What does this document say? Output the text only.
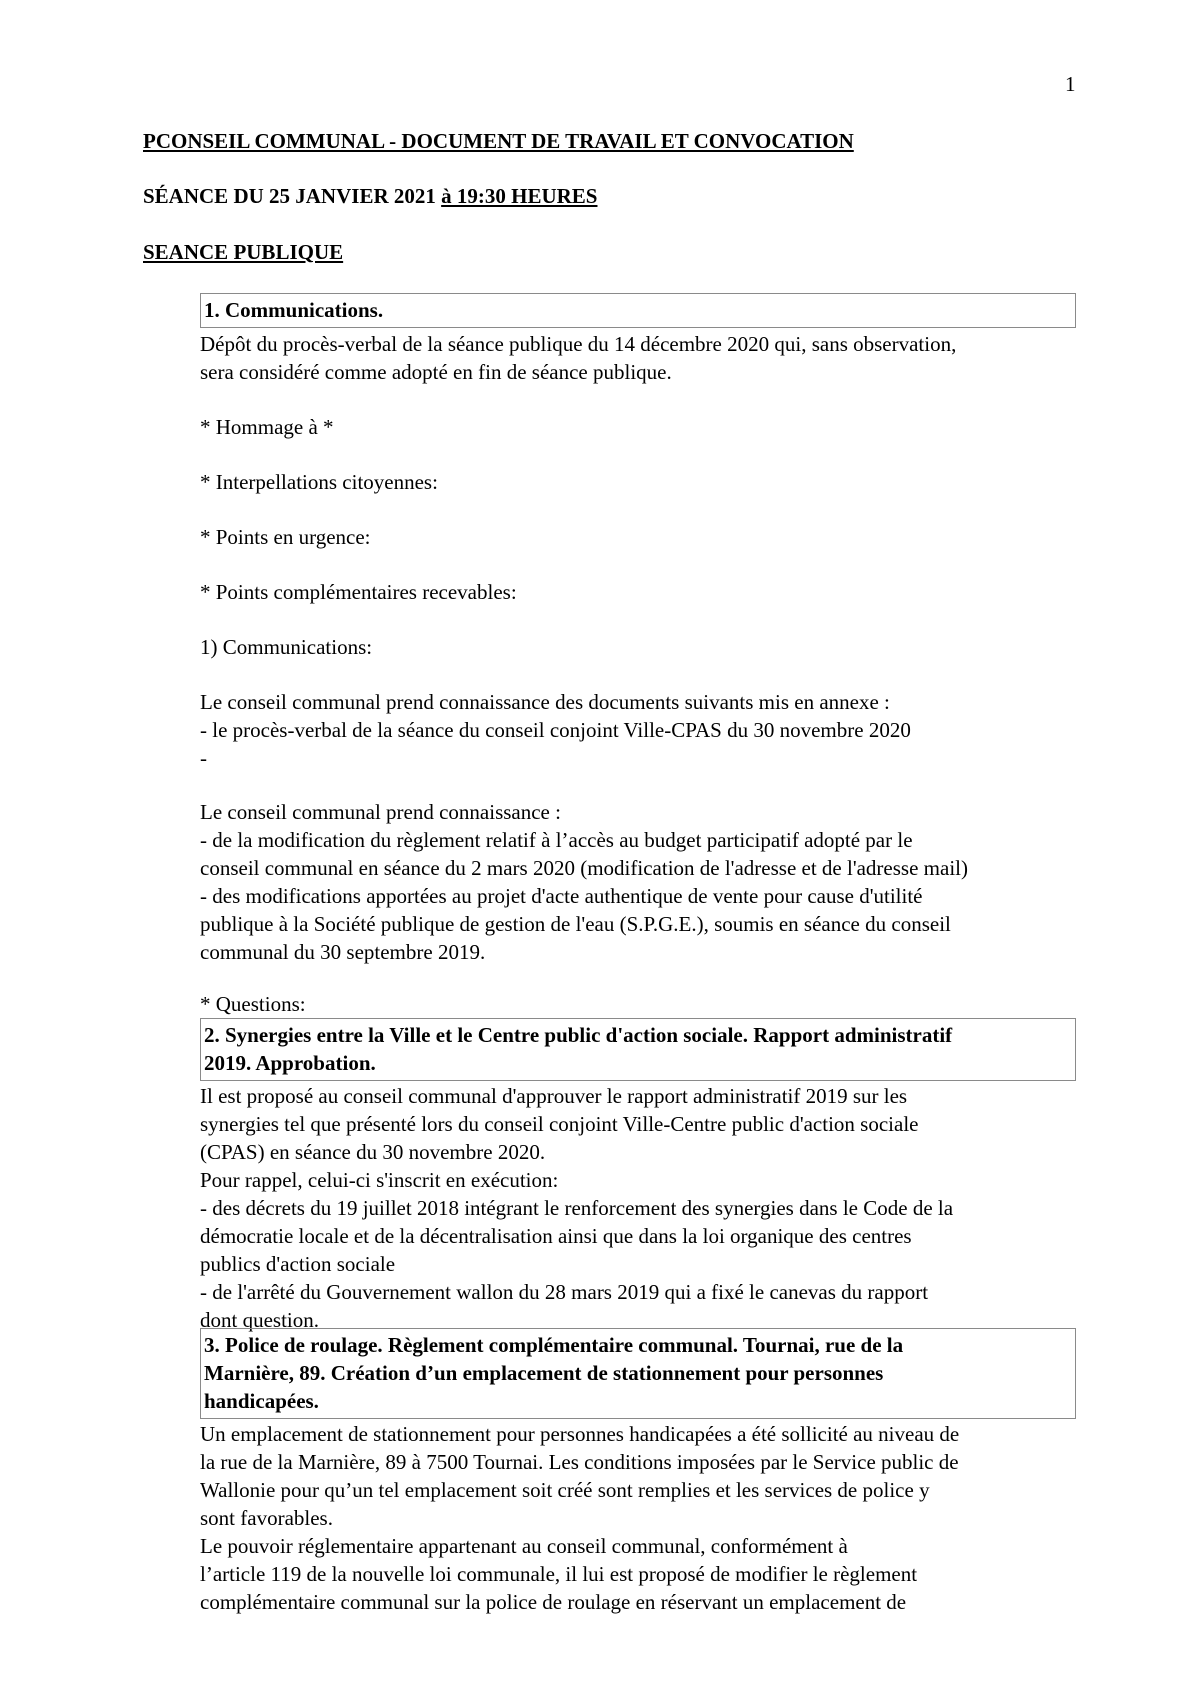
1
PCONSEIL COMMUNAL - DOCUMENT DE TRAVAIL ET CONVOCATION
SÉANCE DU 25 JANVIER 2021 à 19:30 HEURES
SEANCE PUBLIQUE
1. Communications.

Dépôt du procès-verbal de la séance publique du 14 décembre 2020 qui, sans observation,

sera considéré comme adopté en fin de séance publique.

* Hommage à *
* Interpellations citoyennes:
* Points en urgence:
* Points complémentaires recevables:
1) Communications:

Le conseil communal prend connaissance des documents suivants mis en annexe :

- le procès-verbal de la séance du conseil conjoint Ville-CPAS du 30 novembre 2020

-

Le conseil communal prend connaissance :

- de la modification du règlement relatif à l’accès au budget participatif adopté par le

conseil communal en séance du 2 mars 2020 (modification de l'adresse et de l'adresse mail)

- des modifications apportées au projet d'acte authentique de vente pour cause d'utilité

publique à la Société publique de gestion de l'eau (S.P.G.E.), soumis en séance du conseil

communal du 30 septembre 2019.

* Questions:
2. Synergies entre la Ville et le Centre public d'action sociale. Rapport administratif
2019. Approbation.

Il est proposé au conseil communal d'approuver le rapport administratif 2019 sur les

synergies tel que présenté lors du conseil conjoint Ville-Centre public d'action sociale

(CPAS) en séance du 30 novembre 2020.

Pour rappel, celui-ci s'inscrit en exécution:

- des décrets du 19 juillet 2018 intégrant le renforcement des synergies dans le Code de la

démocratie locale et de la décentralisation ainsi que dans la loi organique des centres

publics d'action sociale

- de l'arrêté du Gouvernement wallon du 28 mars 2019 qui a fixé le canevas du rapport

dont question.

3. Police de roulage. Règlement complémentaire communal. Tournai, rue de la
Marnière, 89. Création d’un emplacement de stationnement pour personnes
handicapées.

Un emplacement de stationnement pour personnes handicapées a été sollicité au niveau de

la rue de la Marnière, 89 à 7500 Tournai. Les conditions imposées par le Service public de

Wallonie pour qu’un tel emplacement soit créé sont remplies et les services de police y

sont favorables.

Le pouvoir réglementaire appartenant au conseil communal, conformément à

l’article 119 de la nouvelle loi communale, il lui est proposé de modifier le règlement

complémentaire communal sur la police de roulage en réservant un emplacement de
